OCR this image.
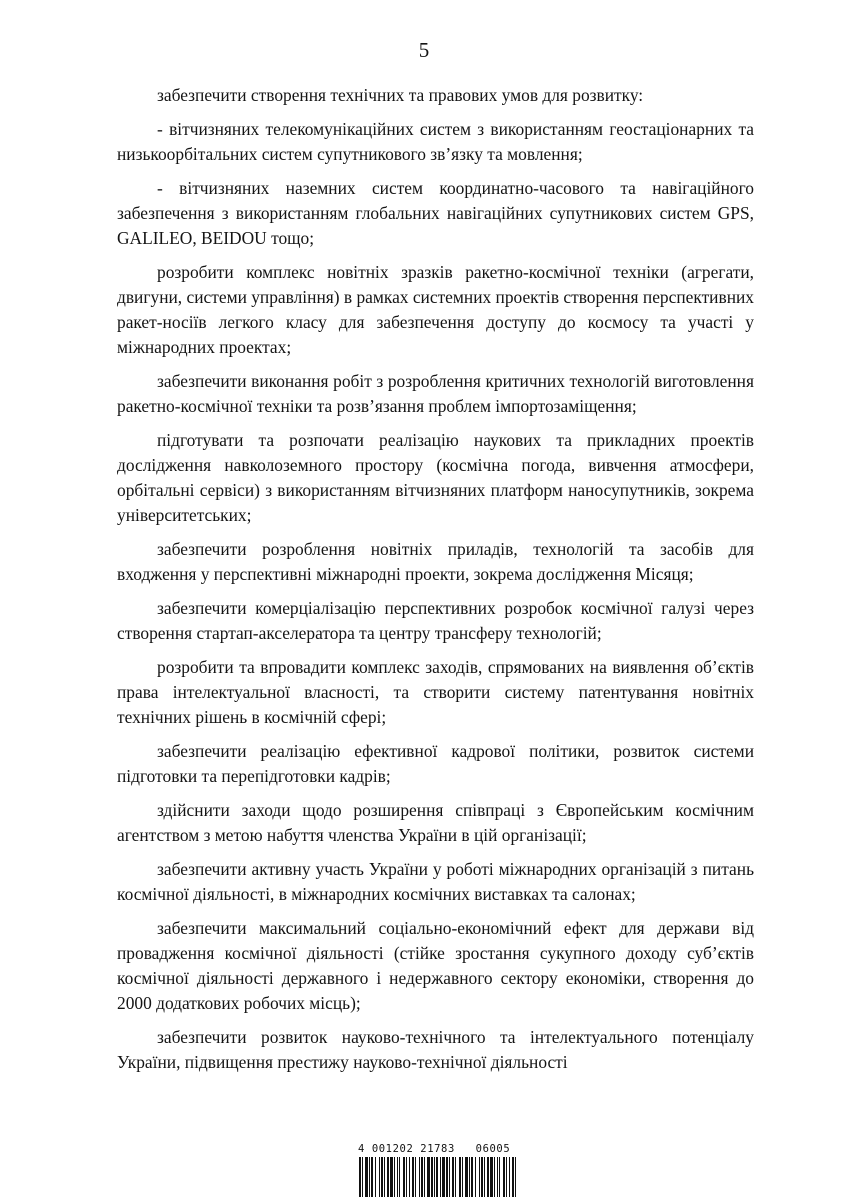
5

забезпечити створення технічних та правових умов для розвитку:

- вітчизняних телекомунікаційних систем з використанням геостаціонарних та низькоорбітальних систем супутникового зв’язку та мовлення;

- вітчизняних наземних систем координатно-часового та навігаційного забезпечення з використанням глобальних навігаційних супутникових систем GPS, GALILEO, BEIDOU тощо;

розробити комплекс новітніх зразків ракетно-космічної техніки (агрегати, двигуни, системи управління) в рамках системних проектів створення перспективних ракет-носіїв легкого класу для забезпечення доступу до космосу та участі у міжнародних проектах;

забезпечити виконання робіт з розроблення критичних технологій виготовлення ракетно-космічної техніки та розв’язання проблем імпортозаміщення;

підготувати та розпочати реалізацію наукових та прикладних проектів дослідження навколоземного простору (космічна погода, вивчення атмосфери, орбітальні сервіси) з використанням вітчизняних платформ наносупутників, зокрема університетських;

забезпечити розроблення новітніх приладів, технологій та засобів для входження у перспективні міжнародні проекти, зокрема дослідження Місяця;

забезпечити комерціалізацію перспективних розробок космічної галузі через створення стартап-акселератора та центру трансферу технологій;

розробити та впровадити комплекс заходів, спрямованих на виявлення об’єктів права інтелектуальної власності, та створити систему патентування новітніх технічних рішень в космічній сфері;

забезпечити реалізацію ефективної кадрової політики, розвиток системи підготовки та перепідготовки кадрів;

здійснити заходи щодо розширення співпраці з Європейським космічним агентством з метою набуття членства України в цій організації;

забезпечити активну участь України у роботі міжнародних організацій з питань космічної діяльності, в міжнародних космічних виставках та салонах;

забезпечити максимальний соціально-економічний ефект для держави від провадження космічної діяльності (стійке зростання сукупного доходу суб’єктів космічної діяльності державного і недержавного сектору економіки, створення до 2000 додаткових робочих місць);

забезпечити розвиток науково-технічного та інтелектуального потенціалу України, підвищення престижу науково-технічної діяльності

4 001202 21783   06005
